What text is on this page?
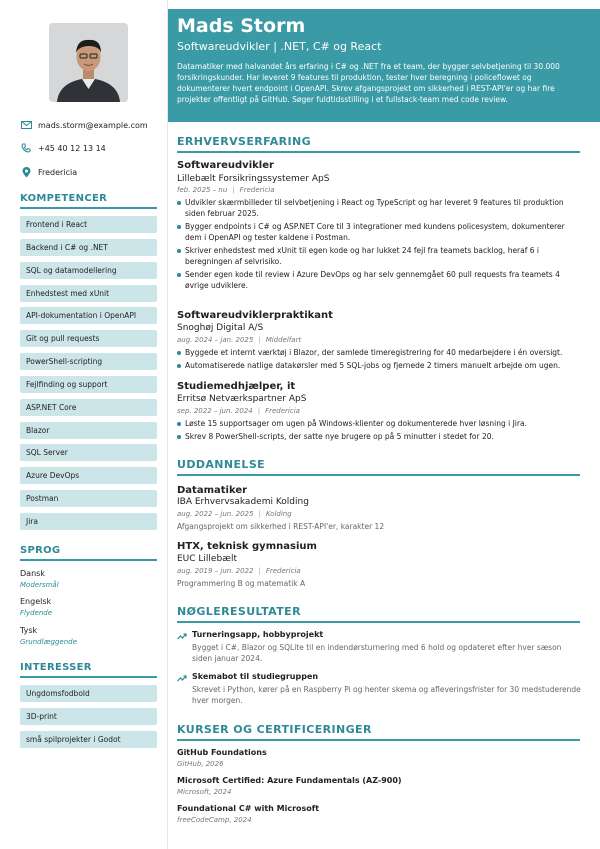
mads.storm@example.com
+45 40 12 13 14
Fredericia
KOMPETENCER
Frontend i React
Backend i C# og .NET
SQL og datamodellering
Enhedstest med xUnit
API-dokumentation i OpenAPI
Git og pull requests
PowerShell-scripting
Fejlfinding og support
ASP.NET Core
Blazor
SQL Server
Azure DevOps
Postman
Jira
SPROG
Dansk
Modersmål
Engelsk
Flydende
Tysk
Grundlæggende
INTERESSER
Ungdomsfodbold
3D-print
små spilprojekter i Godot
Mads Storm
Softwareudvikler | .NET, C# og React
Datamatiker med halvandet års erfaring i C# og .NET fra et team, der bygger selvbetjening til 30.000 forsikringskunder. Har leveret 9 features til produktion, tester hver beregning i policeflowet og dokumenterer hvert endpoint i OpenAPI. Skrev afgangsprojekt om sikkerhed i REST-API'er og har fire projekter offentligt på GitHub. Søger fuldtidsstilling i et fullstack-team med code review.
ERHVERVSERFARING
Softwareudvikler
Lillebælt Forsikringssystemer ApS
feb. 2025 – nu | Fredericia
Udvikler skærmbilleder til selvbetjening i React og TypeScript og har leveret 9 features til produktion siden februar 2025.
Bygger endpoints i C# og ASP.NET Core til 3 integrationer med kundens policesystem, dokumenterer dem i OpenAPI og tester kaldene i Postman.
Skriver enhedstest med xUnit til egen kode og har lukket 24 fejl fra teamets backlog, heraf 6 i beregningen af selvrisiko.
Sender egen kode til review i Azure DevOps og har selv gennemgået 60 pull requests fra teamets 4 øvrige udviklere.
Softwareudviklerpraktikant
Snoghøj Digital A/S
aug. 2024 – jan. 2025 | Middelfart
Byggede et internt værktøj i Blazor, der samlede timeregistrering for 40 medarbejdere i én oversigt.
Automatiserede natlige datakørsler med 5 SQL-jobs og fjernede 2 timers manuelt arbejde om ugen.
Studiemedhjælper, it
Erritsø Netværkspartner ApS
sep. 2022 – jun. 2024 | Fredericia
Løste 15 supportsager om ugen på Windows-klienter og dokumenterede hver løsning i Jira.
Skrev 8 PowerShell-scripts, der satte nye brugere op på 5 minutter i stedet for 20.
UDDANNELSE
Datamatiker
IBA Erhvervsakademi Kolding
aug. 2022 – jun. 2025 | Kolding
Afgangsprojekt om sikkerhed i REST-API'er, karakter 12
HTX, teknisk gymnasium
EUC Lillebælt
aug. 2019 – jun. 2022 | Fredericia
Programmering B og matematik A
NØGLERESULTATER
Turneringsapp, hobbyprojekt
Bygget i C#, Blazor og SQLite til en indendørsturnering med 6 hold og opdateret efter hver sæson siden januar 2024.
Skemabot til studiegruppen
Skrevet i Python, kører på en Raspberry Pi og henter skema og afleveringsfrister for 30 medstuderende hver morgen.
KURSER OG CERTIFICERINGER
GitHub Foundations
GitHub, 2026
Microsoft Certified: Azure Fundamentals (AZ-900)
Microsoft, 2024
Foundational C# with Microsoft
freeCodeCamp, 2024
